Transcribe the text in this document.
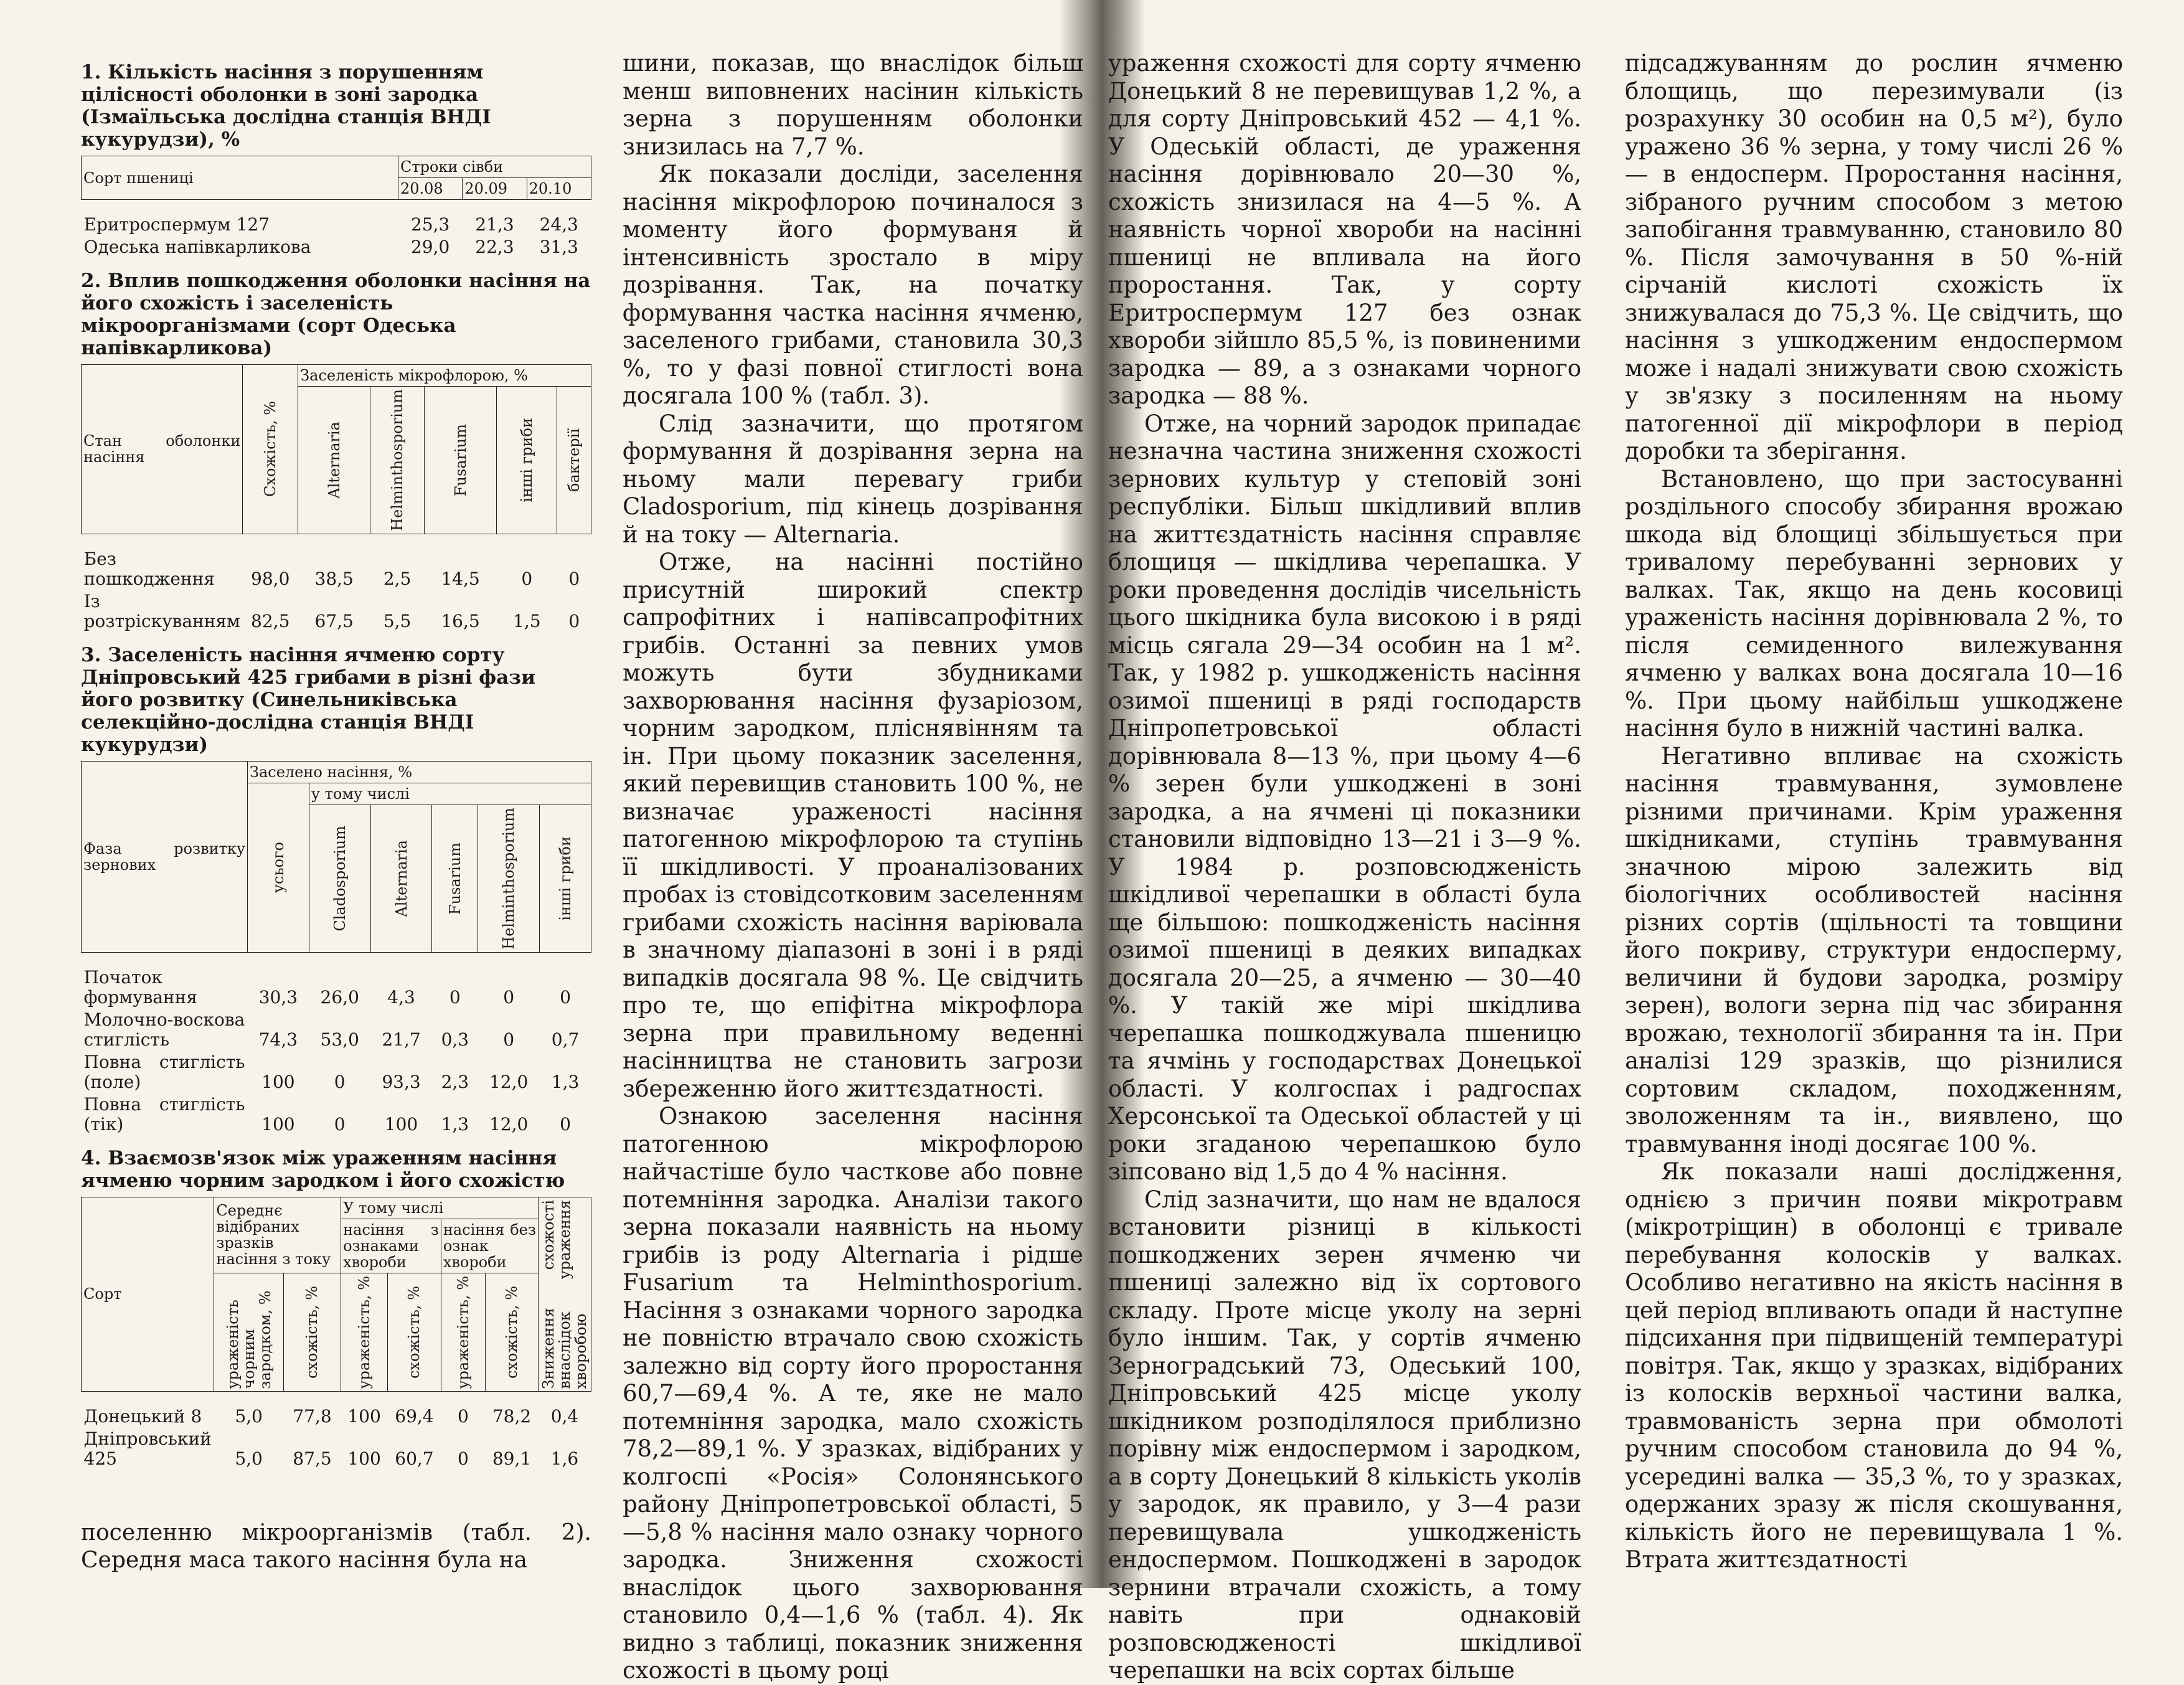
1. Кількість насіння з порушенням цілісності оболонки в зоні зародка (Ізмаїльська дослідна станція ВНДІ кукурудзи), %
Сорт пшениці	Строки сівби		
	20.08	20.09	20.10
Еритроспермум 127	25,3	21,3	24,3
Одеська напівкарликова	29,0	22,3	31,3
2. Вплив пошкодження оболонки насіння на його схожість і заселеність мікроорганізмами (сорт Одеська напівкарликова)
Стан оболонки насіння	Схожість, %	Заселеність мікрофлорою, %				

		Alternaria	Helminthosporium	Fusarium	інші гриби	бактерії

Без пошкодження	98,0	38,5	2,5	14,5	0	0
Із розтріскуванням	82,5	67,5	5,5	16,5	1,5	0
3. Заселеність насіння ячменю сорту Дніпровський 425 грибами в різні фази його розвитку (Синельниківська селекційно-дослідна станція ВНДІ кукурудзи)
Фаза розвитку зернових	Заселено насіння, %					

	усього	у тому числі				

		Cladosporium	Alternaria	Fusarium	Helminthosporium	інші гриби

Початок формування	30,3	26,0	4,3	0	0	0
Молочно-воскова стиглість	74,3	53,0	21,7	0,3	0	0,7
Повна стиглість (поле)	100	0	93,3	2,3	12,0	1,3
Повна стиглість (тік)	100	0	100	1,3	12,0	0
4. Взаємозв'язок між ураженням насіння ячменю чорним зародком і його схожістю
Сорт	Середнє відібраних зразків насіння з току		У тому числі				Зниження схожості внаслідок ураження хворобою

			насіння з ознаками хвороби		насіння без ознак хвороби		

	ураженість чорним зародком, %	схожість, %	ураженість, %	схожість, %	ураженість, %	схожість, %	

Донецький 8	5,0	77,8	100	69,4	0	78,2	0,4
Дніпровський 425	5,0	87,5	100	60,7	0	89,1	1,6
поселенню мікроорганізмів (табл. 2). Середня маса такого насіння була на

шини, показав, що внаслідок більш менш виповнених насінин кількість зерна з порушенням оболонки знизилась на 7,7 %.

Як показали досліди, заселення насіння мікрофлорою починалося з моменту його формуваня й інтенсивність зростало в міру дозрівання. Так, на початку формування частка насіння ячменю, заселеного грибами, становила 30,3 %, то у фазі повної стиглості вона досягала 100 % (табл. 3).

Слід зазначити, що протягом формування й дозрівання зерна на ньому мали перевагу гриби Cladosporium, під кінець дозрівання й на току — Alternaria.

Отже, на насінні постійно присутній широкий спектр сапрофітних і напівсапрофітних грибів. Останні за певних умов можуть бути збудниками захворювання насіння фузаріозом, чорним зародком, пліснявінням та ін. При цьому показник заселення, який перевищив становить 100 %, не визначає ураженості насіння патогенною мікрофлорою та ступінь її шкідливості. У проаналізованих пробах із стовідсотковим заселенням грибами схожість насіння варіювала в значному діапазоні в зоні і в ряді випадків досягала 98 %. Це свідчить про те, що епіфітна мікрофлора зерна при правильному веденні насінництва не становить загрози збереженню його життєздатності.

Ознакою заселення насіння патогенною мікрофлорою найчастіше було часткове або повне потемніння зародка. Аналізи такого зерна показали наявність на ньому грибів із роду Alternaria і рідше Fusarium та Helminthosporium. Насіння з ознаками чорного зародка не повністю втрачало свою схожість залежно від сорту його проростання 60,7—69,4 %. А те, яке не мало потемніння зародка, мало схожість 78,2—89,1 %. У зразках, відібраних у колгоспі «Росія» Солонянського району Дніпропетровської області, 5—5,8 % насіння мало ознаку чорного зародка. Зниження схожості внаслідок цього захворювання становило 0,4—1,6 % (табл. 4). Як видно з таблиці, показник зниження схожості в цьому році

ураження схожості для сорту ячменю Донецький 8 не перевищував 1,2 %, а для сорту Дніпровський 452 — 4,1 %. У Одеській області, де ураження насіння дорівнювало 20—30 %, схожість знизилася на 4—5 %. А наявність чорної хвороби на насінні пшениці не впливала на його проростання. Так, у сорту Еритроспермум 127 без ознак хвороби зійшло 85,5 %, із повиненими зародка — 89, а з ознаками чорного зародка — 88 %.

Отже, на чорний зародок припадає незначна частина зниження схожості зернових культур у степовій зоні республіки. Більш шкідливий вплив на життєздатність насіння справляє блощиця — шкідлива черепашка. У роки проведення дослідів чисельність цього шкідника була високою і в ряді місць сягала 29—34 особин на 1 м². Так, у 1982 р. ушкодженість насіння озимої пшениці в ряді господарств Дніпропетровської області дорівнювала 8—13 %, при цьому 4—6 % зерен були ушкоджені в зоні зародка, а на ячмені ці показники становили відповідно 13—21 і 3—9 %. У 1984 р. розповсюдженість шкідливої черепашки в області була ще більшою: пошкодженість насіння озимої пшениці в деяких випадках досягала 20—25, а ячменю — 30—40 %. У такій же мірі шкідлива черепашка пошкоджувала пшеницю та ячмінь у господарствах Донецької області. У колгоспах і радгоспах Херсонської та Одеської областей у ці роки згаданою черепашкою було зіпсовано від 1,5 до 4 % насіння.

Слід зазначити, що нам не вдалося встановити різниці в кількості пошкоджених зерен ячменю чи пшениці залежно від їх сортового складу. Проте місце уколу на зерні було іншим. Так, у сортів ячменю Зерноградський 73, Одеський 100, Дніпровський 425 місце уколу шкідником розподілялося приблизно порівну між ендоспермом і зародком, а в сорту Донецький 8 кількість уколів у зародок, як правило, у 3—4 рази перевищувала ушкодженість ендоспермом. Пошкоджені в зародок зернини втрачали схожість, а тому навіть при однаковій розповсюдженості шкідливої черепашки на всіх сортах більше

підсаджуванням до рослин ячменю блощиць, що перезимували (із розрахунку 30 особин на 0,5 м²), було уражено 36 % зерна, у тому числі 26 % — в ендосперм. Проростання насіння, зібраного ручним способом з метою запобігання травмуванню, становило 80 %. Після замочування в 50 %-ній сірчаній кислоті схожість їх знижувалася до 75,3 %. Це свідчить, що насіння з ушкодженим ендоспермом може і надалі знижувати свою схожість у зв'язку з посиленням на ньому патогенної дії мікрофлори в період доробки та зберігання.

Встановлено, що при застосуванні роздільного способу збирання врожаю шкода від блощиці збільшується при тривалому перебуванні зернових у валках. Так, якщо на день косовиці ураженість насіння дорівнювала 2 %, то після семиденного вилежування ячменю у валках вона досягала 10—16 %. При цьому найбільш ушкоджене насіння було в нижній частині валка.

Негативно впливає на схожість насіння травмування, зумовлене різними причинами. Крім ураження шкідниками, ступінь травмування значною мірою залежить від біологічних особливостей насіння різних сортів (щільності та товщини його покриву, структури ендосперму, величини й будови зародка, розміру зерен), вологи зерна під час збирання врожаю, технології збирання та ін. При аналізі 129 зразків, що різнилися сортовим складом, походженням, зволоженням та ін., виявлено, що травмування іноді досягає 100 %.

Як показали наші дослідження, однією з причин появи мікротравм (мікротріщин) в оболонці є тривале перебування колосків у валках. Особливо негативно на якість насіння в цей період впливають опади й наступне підсихання при підвищеній температурі повітря. Так, якщо у зразках, відібраних із колосків верхньої частини валка, травмованість зерна при обмолоті ручним способом становила до 94 %, усередині валка — 35,3 %, то у зразках, одержаних зразу ж після скошування, кількість його не перевищувала 1 %. Втрата життєздатності
